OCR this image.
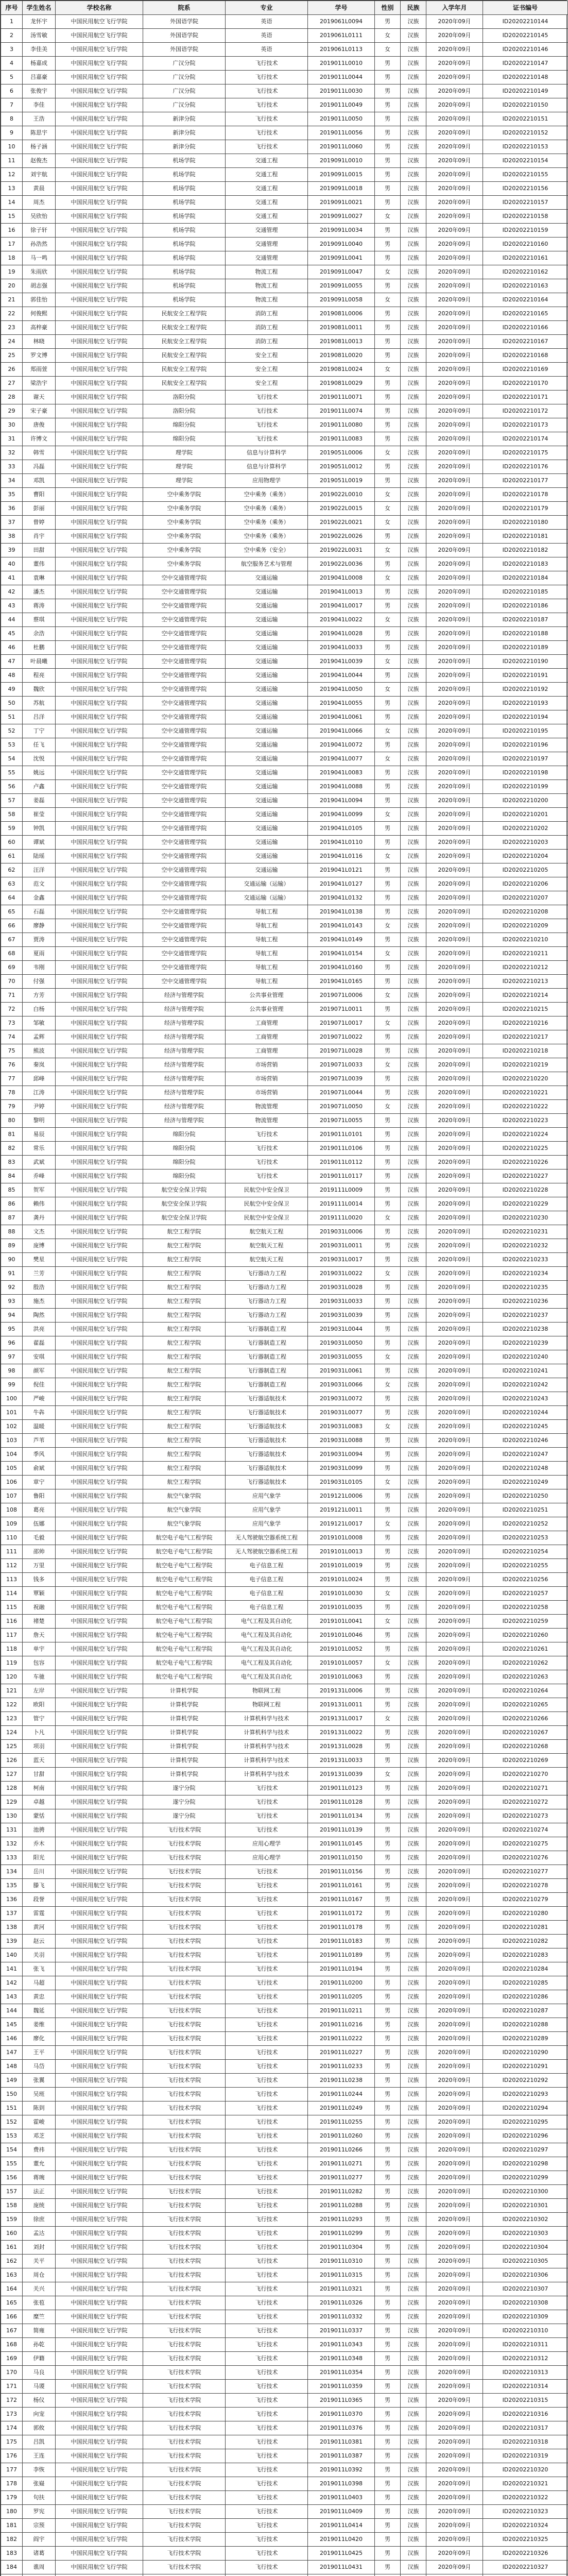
序号	学生姓名	学校名称	院系	专业	学号	性别	民族	入学年月	证书编号
1	龙怀宇	中国民用航空飞行学院	外国语学院	英语	2019061L0094	男	汉族	2020年09月	ID20202210144
2	汤雪敏	中国民用航空飞行学院	外国语学院	英语	2019061L0111	女	汉族	2020年09月	ID20202210145
3	李佳美	中国民用航空飞行学院	外国语学院	英语	2019061L0113	女	汉族	2020年09月	ID20202210146
4	杨嘉成	中国民用航空飞行学院	广汉分院	飞行技术	2019011L0010	男	汉族	2020年09月	ID20202210147
5	吕嘉豪	中国民用航空飞行学院	广汉分院	飞行技术	2019011L0044	男	汉族	2020年09月	ID20202210148
6	张俊宇	中国民用航空飞行学院	广汉分院	飞行技术	2019011L0030	男	汉族	2020年09月	ID20202210149
7	李佳	中国民用航空飞行学院	广汉分院	飞行技术	2019011L0049	男	汉族	2020年09月	ID20202210150
8	王浩	中国民用航空飞行学院	新津分院	飞行技术	2019011L0050	男	汉族	2020年09月	ID20202210151
9	陈思宇	中国民用航空飞行学院	新津分院	飞行技术	2019011L0056	男	汉族	2020年09月	ID20202210152
10	杨子涵	中国民用航空飞行学院	新津分院	飞行技术	2019011L0060	男	汉族	2020年09月	ID20202210153
11	赵俊杰	中国民用航空飞行学院	机场学院	交通工程	2019091L0010	男	汉族	2020年09月	ID20202210154
12	刘宇航	中国民用航空飞行学院	机场学院	交通工程	2019091L0015	男	汉族	2020年09月	ID20202210155
13	黄晨	中国民用航空飞行学院	机场学院	交通工程	2019091L0018	男	汉族	2020年09月	ID20202210156
14	周杰	中国民用航空飞行学院	机场学院	交通工程	2019091L0021	男	汉族	2020年09月	ID20202210157
15	吴欣怡	中国民用航空飞行学院	机场学院	交通工程	2019091L0027	女	汉族	2020年09月	ID20202210158
16	徐子轩	中国民用航空飞行学院	机场学院	交通管理	2019091L0034	男	汉族	2020年09月	ID20202210159
17	孙浩然	中国民用航空飞行学院	机场学院	交通管理	2019091L0040	男	汉族	2020年09月	ID20202210160
18	马一鸣	中国民用航空飞行学院	机场学院	交通管理	2019091L0041	男	汉族	2020年09月	ID20202210161
19	朱雨欣	中国民用航空飞行学院	机场学院	物流工程	2019091L0047	女	汉族	2020年09月	ID20202210162
20	胡志强	中国民用航空飞行学院	机场学院	物流工程	2019091L0055	男	汉族	2020年09月	ID20202210163
21	郭佳怡	中国民用航空飞行学院	机场学院	物流工程	2019091L0058	女	汉族	2020年09月	ID20202210164
22	何俊熙	中国民用航空飞行学院	民航安全工程学院	消防工程	2019081L0006	男	汉族	2020年09月	ID20202210165
23	高梓豪	中国民用航空飞行学院	民航安全工程学院	消防工程	2019081L0011	男	汉族	2020年09月	ID20202210166
24	林晓	中国民用航空飞行学院	民航安全工程学院	消防工程	2019081L0013	男	汉族	2020年09月	ID20202210167
25	罗文博	中国民用航空飞行学院	民航安全工程学院	安全工程	2019081L0020	男	汉族	2020年09月	ID20202210168
26	郑雨萱	中国民用航空飞行学院	民航安全工程学院	安全工程	2019081L0024	女	汉族	2020年09月	ID20202210169
27	梁浩宇	中国民用航空飞行学院	民航安全工程学院	安全工程	2019081L0029	男	汉族	2020年09月	ID20202210170
28	谢天	中国民用航空飞行学院	洛阳分院	飞行技术	2019011L0071	男	汉族	2020年09月	ID20202210171
29	宋子豪	中国民用航空飞行学院	洛阳分院	飞行技术	2019011L0074	男	汉族	2020年09月	ID20202210172
30	唐俊	中国民用航空飞行学院	绵阳分院	飞行技术	2019011L0080	男	汉族	2020年09月	ID20202210173
31	许博文	中国民用航空飞行学院	绵阳分院	飞行技术	2019011L0083	男	汉族	2020年09月	ID20202210174
32	韩雪	中国民用航空飞行学院	理学院	信息与计算科学	2019051L0006	女	汉族	2020年09月	ID20202210175
33	冯磊	中国民用航空飞行学院	理学院	信息与计算科学	2019051L0012	男	汉族	2020年09月	ID20202210176
34	邓凯	中国民用航空飞行学院	理学院	应用物理学	2019051L0019	男	汉族	2020年09月	ID20202210177
35	曹阳	中国民用航空飞行学院	空中乘务学院	空中乘务（乘务）	2019022L0010	女	汉族	2020年09月	ID20202210178
36	彭丽	中国民用航空飞行学院	空中乘务学院	空中乘务（乘务）	2019022L0015	女	汉族	2020年09月	ID20202210179
37	曾婷	中国民用航空飞行学院	空中乘务学院	空中乘务（乘务）	2019022L0021	女	汉族	2020年09月	ID20202210180
38	肖宇	中国民用航空飞行学院	空中乘务学院	空中乘务（乘务）	2019022L0026	男	汉族	2020年09月	ID20202210181
39	田甜	中国民用航空飞行学院	空中乘务学院	空中乘务（安全）	2019022L0031	女	汉族	2020年09月	ID20202210182
40	董伟	中国民用航空飞行学院	空中乘务学院	航空服务艺术与管理	2019022L0036	男	汉族	2020年09月	ID20202210183
41	袁琳	中国民用航空飞行学院	空中交通管理学院	交通运输	2019041L0008	女	汉族	2020年09月	ID20202210184
42	潘杰	中国民用航空飞行学院	空中交通管理学院	交通运输	2019041L0013	男	汉族	2020年09月	ID20202210185
43	蒋涛	中国民用航空飞行学院	空中交通管理学院	交通运输	2019041L0017	男	汉族	2020年09月	ID20202210186
44	蔡琪	中国民用航空飞行学院	空中交通管理学院	交通运输	2019041L0022	女	汉族	2020年09月	ID20202210187
45	余浩	中国民用航空飞行学院	空中交通管理学院	交通运输	2019041L0028	男	汉族	2020年09月	ID20202210188
46	杜鹏	中国民用航空飞行学院	空中交通管理学院	交通运输	2019041L0033	男	汉族	2020年09月	ID20202210189
47	叶晨曦	中国民用航空飞行学院	空中交通管理学院	交通运输	2019041L0039	女	汉族	2020年09月	ID20202210190
48	程亮	中国民用航空飞行学院	空中交通管理学院	交通运输	2019041L0044	男	汉族	2020年09月	ID20202210191
49	魏欣	中国民用航空飞行学院	空中交通管理学院	交通运输	2019041L0050	女	汉族	2020年09月	ID20202210192
50	苏航	中国民用航空飞行学院	空中交通管理学院	交通运输	2019041L0055	男	汉族	2020年09月	ID20202210193
51	吕洋	中国民用航空飞行学院	空中交通管理学院	交通运输	2019041L0061	男	汉族	2020年09月	ID20202210194
52	丁宁	中国民用航空飞行学院	空中交通管理学院	交通运输	2019041L0066	女	汉族	2020年09月	ID20202210195
53	任飞	中国民用航空飞行学院	空中交通管理学院	交通运输	2019041L0072	男	汉族	2020年09月	ID20202210196
54	沈悦	中国民用航空飞行学院	空中交通管理学院	交通运输	2019041L0077	女	汉族	2020年09月	ID20202210197
55	姚远	中国民用航空飞行学院	空中交通管理学院	交通运输	2019041L0083	男	汉族	2020年09月	ID20202210198
56	卢鑫	中国民用航空飞行学院	空中交通管理学院	交通运输	2019041L0088	男	汉族	2020年09月	ID20202210199
57	姜磊	中国民用航空飞行学院	空中交通管理学院	交通运输	2019041L0094	男	汉族	2020年09月	ID20202210200
58	崔莹	中国民用航空飞行学院	空中交通管理学院	交通运输	2019041L0099	女	汉族	2020年09月	ID20202210201
59	钟凯	中国民用航空飞行学院	空中交通管理学院	交通运输	2019041L0105	男	汉族	2020年09月	ID20202210202
60	谭斌	中国民用航空飞行学院	空中交通管理学院	交通运输	2019041L0110	男	汉族	2020年09月	ID20202210203
61	陆瑶	中国民用航空飞行学院	空中交通管理学院	交通运输	2019041L0116	女	汉族	2020年09月	ID20202210204
62	汪洋	中国民用航空飞行学院	空中交通管理学院	交通运输	2019041L0121	男	汉族	2020年09月	ID20202210205
63	范文	中国民用航空飞行学院	空中交通管理学院	交通运输（运输）	2019041L0127	男	汉族	2020年09月	ID20202210206
64	金鑫	中国民用航空飞行学院	空中交通管理学院	交通运输（运输）	2019041L0132	男	汉族	2020年09月	ID20202210207
65	石磊	中国民用航空飞行学院	空中交通管理学院	导航工程	2019041L0138	男	汉族	2020年09月	ID20202210208
66	廖静	中国民用航空飞行学院	空中交通管理学院	导航工程	2019041L0143	女	汉族	2020年09月	ID20202210209
67	贾涛	中国民用航空飞行学院	空中交通管理学院	导航工程	2019041L0149	男	汉族	2020年09月	ID20202210210
68	夏雨	中国民用航空飞行学院	空中交通管理学院	导航工程	2019041L0154	女	汉族	2020年09月	ID20202210211
69	韦刚	中国民用航空飞行学院	空中交通管理学院	导航工程	2019041L0160	男	汉族	2020年09月	ID20202210212
70	付强	中国民用航空飞行学院	空中交通管理学院	导航工程	2019041L0165	男	汉族	2020年09月	ID20202210213
71	方芳	中国民用航空飞行学院	经济与管理学院	公共事业管理	2019071L0006	女	汉族	2020年09月	ID20202210214
72	白杨	中国民用航空飞行学院	经济与管理学院	公共事业管理	2019071L0011	男	汉族	2020年09月	ID20202210215
73	邹敏	中国民用航空飞行学院	经济与管理学院	工商管理	2019071L0017	女	汉族	2020年09月	ID20202210216
74	孟辉	中国民用航空飞行学院	经济与管理学院	工商管理	2019071L0022	男	汉族	2020年09月	ID20202210217
75	熊波	中国民用航空飞行学院	经济与管理学院	工商管理	2019071L0028	男	汉族	2020年09月	ID20202210218
76	秦岚	中国民用航空飞行学院	经济与管理学院	市场营销	2019071L0033	女	汉族	2020年09月	ID20202210219
77	邱峰	中国民用航空飞行学院	经济与管理学院	市场营销	2019071L0039	男	汉族	2020年09月	ID20202210220
78	江涛	中国民用航空飞行学院	经济与管理学院	市场营销	2019071L0044	男	汉族	2020年09月	ID20202210221
79	尹婷	中国民用航空飞行学院	经济与管理学院	物流管理	2019071L0050	女	汉族	2020年09月	ID20202210222
80	黎明	中国民用航空飞行学院	经济与管理学院	物流管理	2019071L0055	男	汉族	2020年09月	ID20202210223
81	易辰	中国民用航空飞行学院	绵阳分院	飞行技术	2019011L0101	男	汉族	2020年09月	ID20202210224
82	常乐	中国民用航空飞行学院	绵阳分院	飞行技术	2019011L0106	男	汉族	2020年09月	ID20202210225
83	武斌	中国民用航空飞行学院	绵阳分院	飞行技术	2019011L0112	男	汉族	2020年09月	ID20202210226
84	乔峰	中国民用航空飞行学院	绵阳分院	飞行技术	2019011L0117	男	汉族	2020年09月	ID20202210227
85	贺军	中国民用航空飞行学院	航空安全保卫学院	民航空中安全保卫	2019111L0009	男	汉族	2020年09月	ID20202210228
86	赖伟	中国民用航空飞行学院	航空安全保卫学院	民航空中安全保卫	2019111L0014	男	汉族	2020年09月	ID20202210229
87	龚丹	中国民用航空飞行学院	航空安全保卫学院	民航空中安全保卫	2019111L0020	女	汉族	2020年09月	ID20202210230
88	文杰	中国民用航空飞行学院	航空工程学院	航空航天工程	2019031L0006	男	汉族	2020年09月	ID20202210231
89	庞博	中国民用航空飞行学院	航空工程学院	航空航天工程	2019031L0011	男	汉族	2020年09月	ID20202210232
90	樊星	中国民用航空飞行学院	航空工程学院	航空航天工程	2019031L0017	男	汉族	2020年09月	ID20202210233
91	兰芳	中国民用航空飞行学院	航空工程学院	飞行器动力工程	2019031L0022	女	汉族	2020年09月	ID20202210234
92	殷浩	中国民用航空飞行学院	航空工程学院	飞行器动力工程	2019031L0028	男	汉族	2020年09月	ID20202210235
93	施杰	中国民用航空飞行学院	航空工程学院	飞行器动力工程	2019031L0033	男	汉族	2020年09月	ID20202210236
94	陶然	中国民用航空飞行学院	航空工程学院	飞行器动力工程	2019031L0039	男	汉族	2020年09月	ID20202210237
95	洪亮	中国民用航空飞行学院	航空工程学院	飞行器制造工程	2019031L0044	男	汉族	2020年09月	ID20202210238
96	翟磊	中国民用航空飞行学院	航空工程学院	飞行器制造工程	2019031L0050	男	汉族	2020年09月	ID20202210239
97	安琪	中国民用航空飞行学院	航空工程学院	飞行器制造工程	2019031L0055	女	汉族	2020年09月	ID20202210240
98	颜军	中国民用航空飞行学院	航空工程学院	飞行器制造工程	2019031L0061	男	汉族	2020年09月	ID20202210241
99	倪佳	中国民用航空飞行学院	航空工程学院	飞行器制造工程	2019031L0066	女	汉族	2020年09月	ID20202210242
100	严峻	中国民用航空飞行学院	航空工程学院	飞行器适航技术	2019031L0072	男	汉族	2020年09月	ID20202210243
101	牛犇	中国民用航空飞行学院	航空工程学院	飞行器适航技术	2019031L0077	男	汉族	2020年09月	ID20202210244
102	温暖	中国民用航空飞行学院	航空工程学院	飞行器适航技术	2019031L0083	女	汉族	2020年09月	ID20202210245
103	芦苇	中国民用航空飞行学院	航空工程学院	飞行器适航技术	2019031L0088	男	汉族	2020年09月	ID20202210246
104	季风	中国民用航空飞行学院	航空工程学院	飞行器适航技术	2019031L0094	男	汉族	2020年09月	ID20202210247
105	俞斌	中国民用航空飞行学院	航空工程学院	飞行器适航技术	2019031L0099	男	汉族	2020年09月	ID20202210248
106	章宁	中国民用航空飞行学院	航空工程学院	飞行器适航技术	2019031L0105	女	汉族	2020年09月	ID20202210249
107	鲁阳	中国民用航空飞行学院	航空气象学院	应用气象学	2019121L0006	男	汉族	2020年09月	ID20202210250
108	葛亮	中国民用航空飞行学院	航空气象学院	应用气象学	2019121L0011	男	汉族	2020年09月	ID20202210251
109	伍娜	中国民用航空飞行学院	航空气象学院	应用气象学	2019121L0017	女	汉族	2020年09月	ID20202210252
110	毛毅	中国民用航空飞行学院	航空电子电气工程学院	无人驾驶航空器系统工程	2019101L0008	男	汉族	2020年09月	ID20202210253
111	邵帅	中国民用航空飞行学院	航空电子电气工程学院	无人驾驶航空器系统工程	2019101L0013	男	汉族	2020年09月	ID20202210254
112	万里	中国民用航空飞行学院	航空电子电气工程学院	电子信息工程	2019101L0019	男	汉族	2020年09月	ID20202210255
113	钱多	中国民用航空飞行学院	航空电子电气工程学院	电子信息工程	2019101L0024	男	汉族	2020年09月	ID20202210256
114	覃颖	中国民用航空飞行学院	航空电子电气工程学院	电子信息工程	2019101L0030	女	汉族	2020年09月	ID20202210257
115	祝融	中国民用航空飞行学院	航空电子电气工程学院	电子信息工程	2019101L0035	男	汉族	2020年09月	ID20202210258
116	褚楚	中国民用航空飞行学院	航空电子电气工程学院	电气工程及其自动化	2019101L0041	女	汉族	2020年09月	ID20202210259
117	詹天	中国民用航空飞行学院	航空电子电气工程学院	电气工程及其自动化	2019101L0046	男	汉族	2020年09月	ID20202210260
118	单宇	中国民用航空飞行学院	航空电子电气工程学院	电气工程及其自动化	2019101L0052	男	汉族	2020年09月	ID20202210261
119	包容	中国民用航空飞行学院	航空电子电气工程学院	电气工程及其自动化	2019101L0057	女	汉族	2020年09月	ID20202210262
120	车驰	中国民用航空飞行学院	航空电子电气工程学院	电气工程及其自动化	2019101L0063	男	汉族	2020年09月	ID20202210263
121	左岸	中国民用航空飞行学院	计算机学院	物联网工程	2019131L0006	男	汉族	2020年09月	ID20202210264
122	欧阳	中国民用航空飞行学院	计算机学院	物联网工程	2019131L0011	男	汉族	2020年09月	ID20202210265
123	管宁	中国民用航空飞行学院	计算机学院	计算机科学与技术	2019131L0017	女	汉族	2020年09月	ID20202210266
124	卜凡	中国民用航空飞行学院	计算机学院	计算机科学与技术	2019131L0022	男	汉族	2020年09月	ID20202210267
125	项羽	中国民用航空飞行学院	计算机学院	计算机科学与技术	2019131L0028	男	汉族	2020年09月	ID20202210268
126	蓝天	中国民用航空飞行学院	计算机学院	计算机科学与技术	2019131L0033	男	汉族	2020年09月	ID20202210269
127	甘甜	中国民用航空飞行学院	计算机学院	计算机科学与技术	2019131L0039	女	汉族	2020年09月	ID20202210270
128	柯南	中国民用航空飞行学院	遂宁分院	飞行技术	2019011L0123	男	汉族	2020年09月	ID20202210271
129	卓越	中国民用航空飞行学院	遂宁分院	飞行技术	2019011L0128	男	汉族	2020年09月	ID20202210272
130	蒙恬	中国民用航空飞行学院	遂宁分院	飞行技术	2019011L0134	男	汉族	2020年09月	ID20202210273
131	池骋	中国民用航空飞行学院	飞行技术学院	飞行技术	2019011L0139	男	汉族	2020年09月	ID20202210274
132	乔木	中国民用航空飞行学院	飞行技术学院	应用心理学	2019011L0145	男	汉族	2020年09月	ID20202210275
133	阳光	中国民用航空飞行学院	飞行技术学院	应用心理学	2019011L0150	男	汉族	2020年09月	ID20202210276
134	岳川	中国民用航空飞行学院	飞行技术学院	飞行技术	2019011L0156	男	汉族	2020年09月	ID20202210277
135	滕飞	中国民用航空飞行学院	飞行技术学院	飞行技术	2019011L0161	男	汉族	2020年09月	ID20202210278
136	段誉	中国民用航空飞行学院	飞行技术学院	飞行技术	2019011L0167	男	汉族	2020年09月	ID20202210279
137	雷霆	中国民用航空飞行学院	飞行技术学院	飞行技术	2019011L0172	男	汉族	2020年09月	ID20202210280
138	黄河	中国民用航空飞行学院	飞行技术学院	飞行技术	2019011L0178	男	汉族	2020年09月	ID20202210281
139	赵云	中国民用航空飞行学院	飞行技术学院	飞行技术	2019011L0183	男	汉族	2020年09月	ID20202210282
140	关羽	中国民用航空飞行学院	飞行技术学院	飞行技术	2019011L0189	男	汉族	2020年09月	ID20202210283
141	张飞	中国民用航空飞行学院	飞行技术学院	飞行技术	2019011L0194	男	汉族	2020年09月	ID20202210284
142	马超	中国民用航空飞行学院	飞行技术学院	飞行技术	2019011L0200	男	汉族	2020年09月	ID20202210285
143	黄忠	中国民用航空飞行学院	飞行技术学院	飞行技术	2019011L0205	男	汉族	2020年09月	ID20202210286
144	魏延	中国民用航空飞行学院	飞行技术学院	飞行技术	2019011L0211	男	汉族	2020年09月	ID20202210287
145	姜维	中国民用航空飞行学院	飞行技术学院	飞行技术	2019011L0216	男	汉族	2020年09月	ID20202210288
146	廖化	中国民用航空飞行学院	飞行技术学院	飞行技术	2019011L0222	男	汉族	2020年09月	ID20202210289
147	王平	中国民用航空飞行学院	飞行技术学院	飞行技术	2019011L0227	男	汉族	2020年09月	ID20202210290
148	马岱	中国民用航空飞行学院	飞行技术学院	飞行技术	2019011L0233	男	汉族	2020年09月	ID20202210291
149	张翼	中国民用航空飞行学院	飞行技术学院	飞行技术	2019011L0238	男	汉族	2020年09月	ID20202210292
150	吴班	中国民用航空飞行学院	飞行技术学院	飞行技术	2019011L0244	男	汉族	2020年09月	ID20202210293
151	陈到	中国民用航空飞行学院	飞行技术学院	飞行技术	2019011L0249	男	汉族	2020年09月	ID20202210294
152	霍峻	中国民用航空飞行学院	飞行技术学院	飞行技术	2019011L0255	男	汉族	2020年09月	ID20202210295
153	邓芝	中国民用航空飞行学院	飞行技术学院	飞行技术	2019011L0260	男	汉族	2020年09月	ID20202210296
154	费祎	中国民用航空飞行学院	飞行技术学院	飞行技术	2019011L0266	男	汉族	2020年09月	ID20202210297
155	董允	中国民用航空飞行学院	飞行技术学院	飞行技术	2019011L0271	男	汉族	2020年09月	ID20202210298
156	蒋琬	中国民用航空飞行学院	飞行技术学院	飞行技术	2019011L0277	男	汉族	2020年09月	ID20202210299
157	法正	中国民用航空飞行学院	飞行技术学院	飞行技术	2019011L0282	男	汉族	2020年09月	ID20202210300
158	庞统	中国民用航空飞行学院	飞行技术学院	飞行技术	2019011L0288	男	汉族	2020年09月	ID20202210301
159	徐庶	中国民用航空飞行学院	飞行技术学院	飞行技术	2019011L0293	男	汉族	2020年09月	ID20202210302
160	孟达	中国民用航空飞行学院	飞行技术学院	飞行技术	2019011L0299	男	汉族	2020年09月	ID20202210303
161	刘封	中国民用航空飞行学院	飞行技术学院	飞行技术	2019011L0304	男	汉族	2020年09月	ID20202210304
162	关平	中国民用航空飞行学院	飞行技术学院	飞行技术	2019011L0310	男	汉族	2020年09月	ID20202210305
163	周仓	中国民用航空飞行学院	飞行技术学院	飞行技术	2019011L0315	男	汉族	2020年09月	ID20202210306
164	关兴	中国民用航空飞行学院	飞行技术学院	飞行技术	2019011L0321	男	汉族	2020年09月	ID20202210307
165	张苞	中国民用航空飞行学院	飞行技术学院	飞行技术	2019011L0326	男	汉族	2020年09月	ID20202210308
166	糜竺	中国民用航空飞行学院	飞行技术学院	飞行技术	2019011L0332	男	汉族	2020年09月	ID20202210309
167	简雍	中国民用航空飞行学院	飞行技术学院	飞行技术	2019011L0337	男	汉族	2020年09月	ID20202210310
168	孙乾	中国民用航空飞行学院	飞行技术学院	飞行技术	2019011L0343	男	汉族	2020年09月	ID20202210311
169	伊籍	中国民用航空飞行学院	飞行技术学院	飞行技术	2019011L0348	男	汉族	2020年09月	ID20202210312
170	马良	中国民用航空飞行学院	飞行技术学院	飞行技术	2019011L0354	男	汉族	2020年09月	ID20202210313
171	马谡	中国民用航空飞行学院	飞行技术学院	飞行技术	2019011L0359	男	汉族	2020年09月	ID20202210314
172	杨仪	中国民用航空飞行学院	飞行技术学院	飞行技术	2019011L0365	男	汉族	2020年09月	ID20202210315
173	向宠	中国民用航空飞行学院	飞行技术学院	飞行技术	2019011L0370	男	汉族	2020年09月	ID20202210316
174	郭攸	中国民用航空飞行学院	飞行技术学院	飞行技术	2019011L0376	男	汉族	2020年09月	ID20202210317
175	吕凯	中国民用航空飞行学院	飞行技术学院	飞行技术	2019011L0381	男	汉族	2020年09月	ID20202210318
176	王连	中国民用航空飞行学院	飞行技术学院	飞行技术	2019011L0387	男	汉族	2020年09月	ID20202210319
177	李恢	中国民用航空飞行学院	飞行技术学院	飞行技术	2019011L0392	男	汉族	2020年09月	ID20202210320
178	张嶷	中国民用航空飞行学院	飞行技术学院	飞行技术	2019011L0398	男	汉族	2020年09月	ID20202210321
179	句扶	中国民用航空飞行学院	飞行技术学院	飞行技术	2019011L0403	男	汉族	2020年09月	ID20202210322
180	罗宪	中国民用航空飞行学院	飞行技术学院	飞行技术	2019011L0409	男	汉族	2020年09月	ID20202210323
181	宗预	中国民用航空飞行学院	飞行技术学院	飞行技术	2019011L0414	男	汉族	2020年09月	ID20202210324
182	阎宇	中国民用航空飞行学院	飞行技术学院	飞行技术	2019011L0420	男	汉族	2020年09月	ID20202210325
183	诸葛	中国民用航空飞行学院	飞行技术学院	飞行技术	2019011L0425	男	汉族	2020年09月	ID20202210326
184	谯周	中国民用航空飞行学院	飞行技术学院	飞行技术	2019011L0431	男	汉族	2020年09月	ID20202210327
